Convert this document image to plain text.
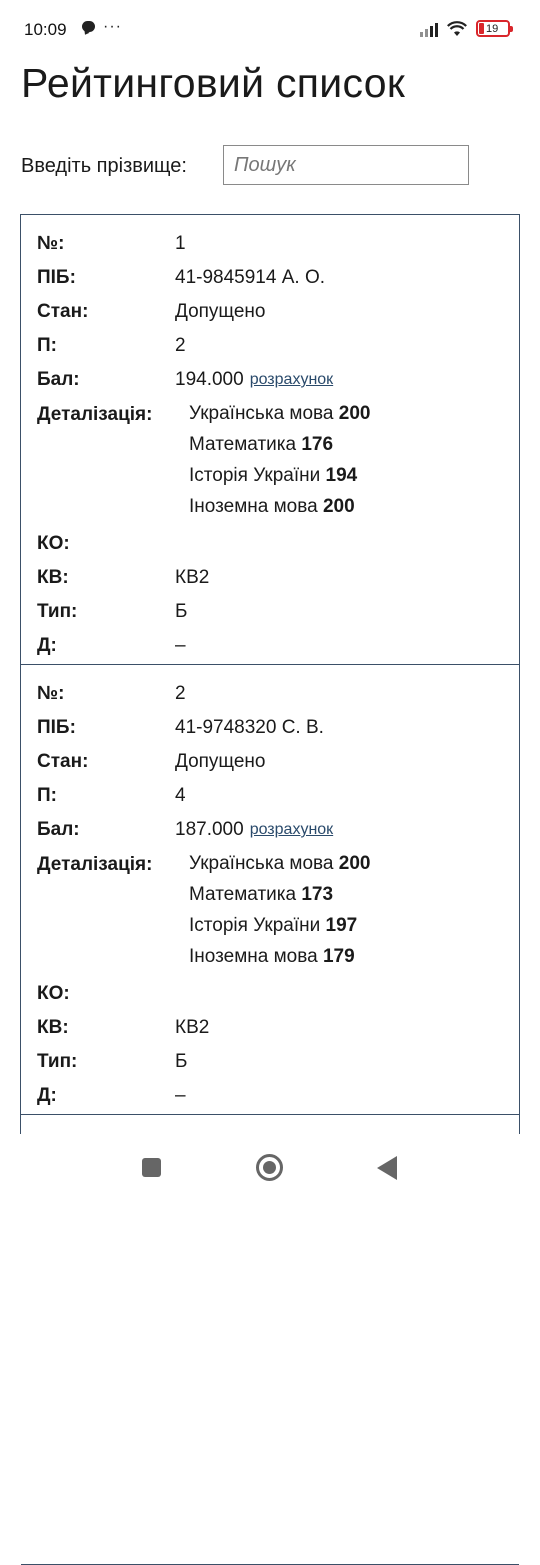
10:09 ···	19
Рейтинговий список
Введіть прізвище:
Пошук
№:	1
ПІБ:	41-9845914 А. О.
Стан:	Допущено
П:	2
Бал:	194.000 розрахунок
Деталізація:	Українська мова 200
Математика 176
Історія України 194
Іноземна мова 200
КО:
КВ:	КВ2
Тип:	Б
Д:	–
№:	2
ПІБ:	41-9748320 С. В.
Стан:	Допущено
П:	4
Бал:	187.000 розрахунок
Деталізація:	Українська мова 200
Математика 173
Історія України 197
Іноземна мова 179
КО:
КВ:	КВ2
Тип:	Б
Д:	–
